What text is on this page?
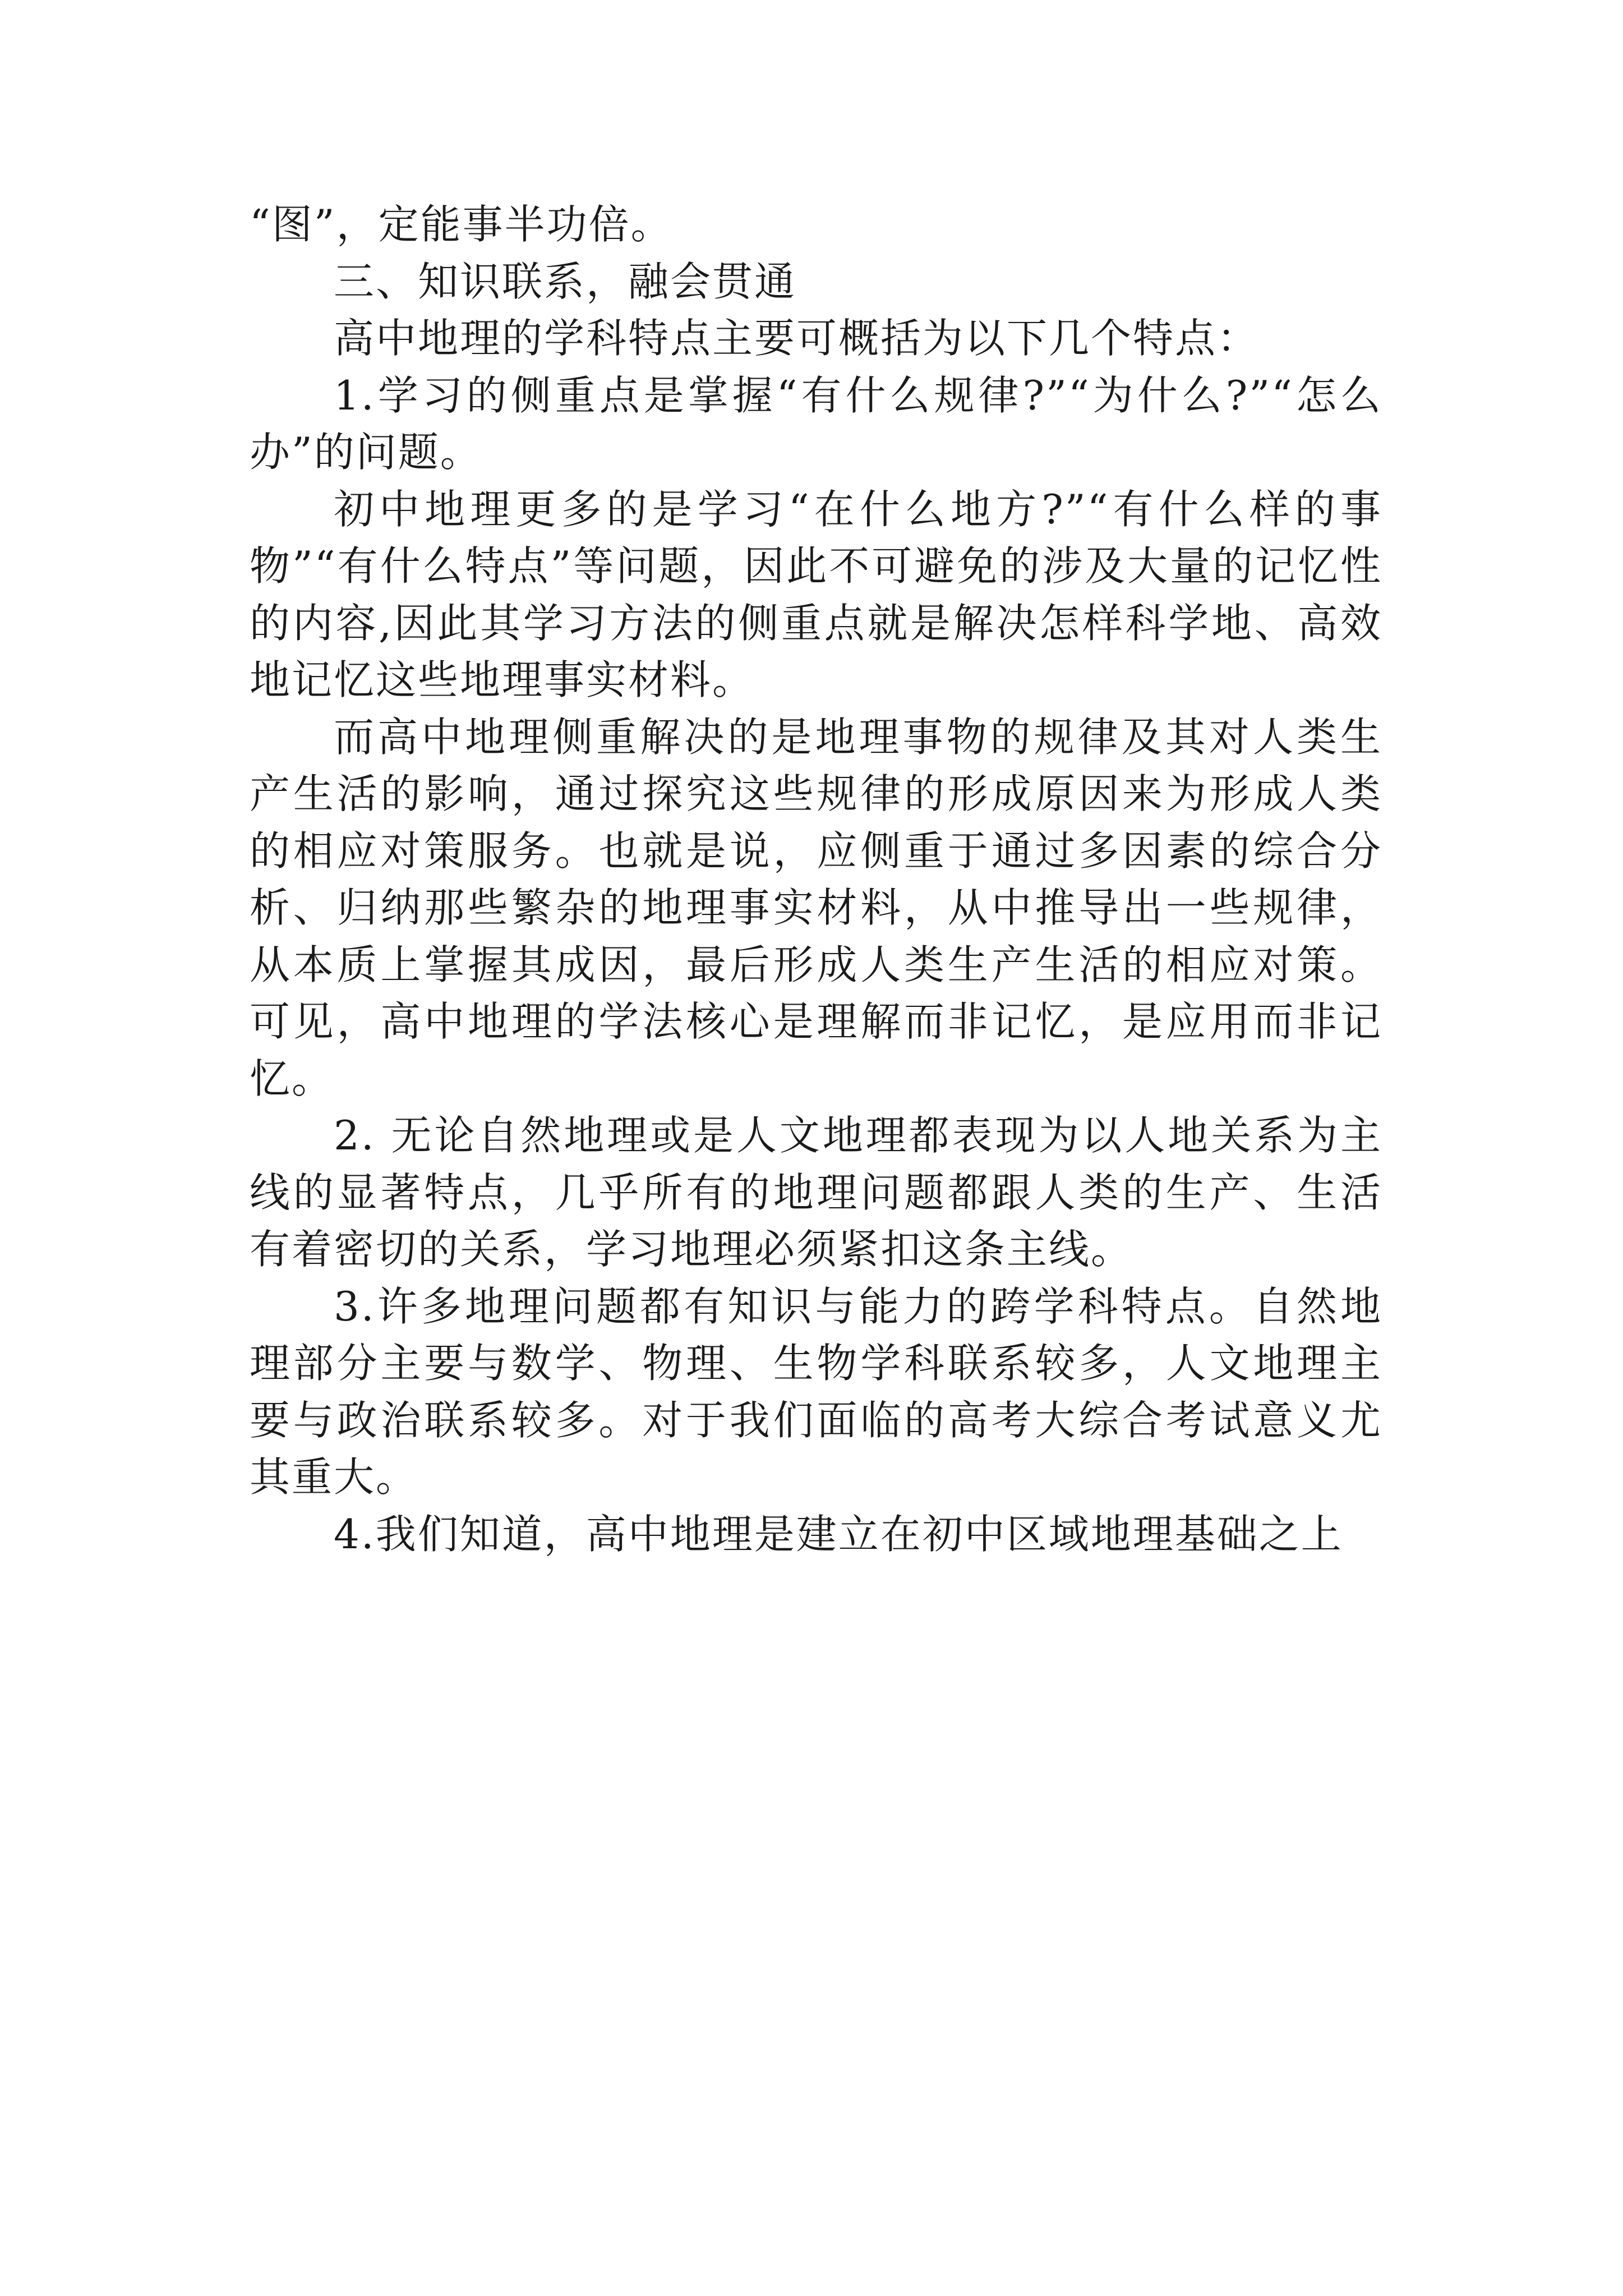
“图”，定能事半功倍。

三、知识联系，融会贯通

高中地理的学科特点主要可概括为以下几个特点：

1.学习的侧重点是掌握“有什么规律?”“为什么?”“怎么办”的问题。

初中地理更多的是学习“在什么地方?”“有什么样的事物”“有什么特点”等问题，因此不可避免的涉及大量的记忆性的内容,因此其学习方法的侧重点就是解决怎样科学地、高效地记忆这些地理事实材料。

而高中地理侧重解决的是地理事物的规律及其对人类生产生活的影响，通过探究这些规律的形成原因来为形成人类的相应对策服务。也就是说，应侧重于通过多因素的综合分析、归纳那些繁杂的地理事实材料，从中推导出一些规律，从本质上掌握其成因，最后形成人类生产生活的相应对策。可见，高中地理的学法核心是理解而非记忆，是应用而非记忆。

2. 无论自然地理或是人文地理都表现为以人地关系为主线的显著特点，几乎所有的地理问题都跟人类的生产、生活有着密切的关系，学习地理必须紧扣这条主线。

3.许多地理问题都有知识与能力的跨学科特点。自然地理部分主要与数学、物理、生物学科联系较多，人文地理主要与政治联系较多。对于我们面临的高考大综合考试意义尤其重大。

4.我们知道，高中地理是建立在初中区域地理基础之上
